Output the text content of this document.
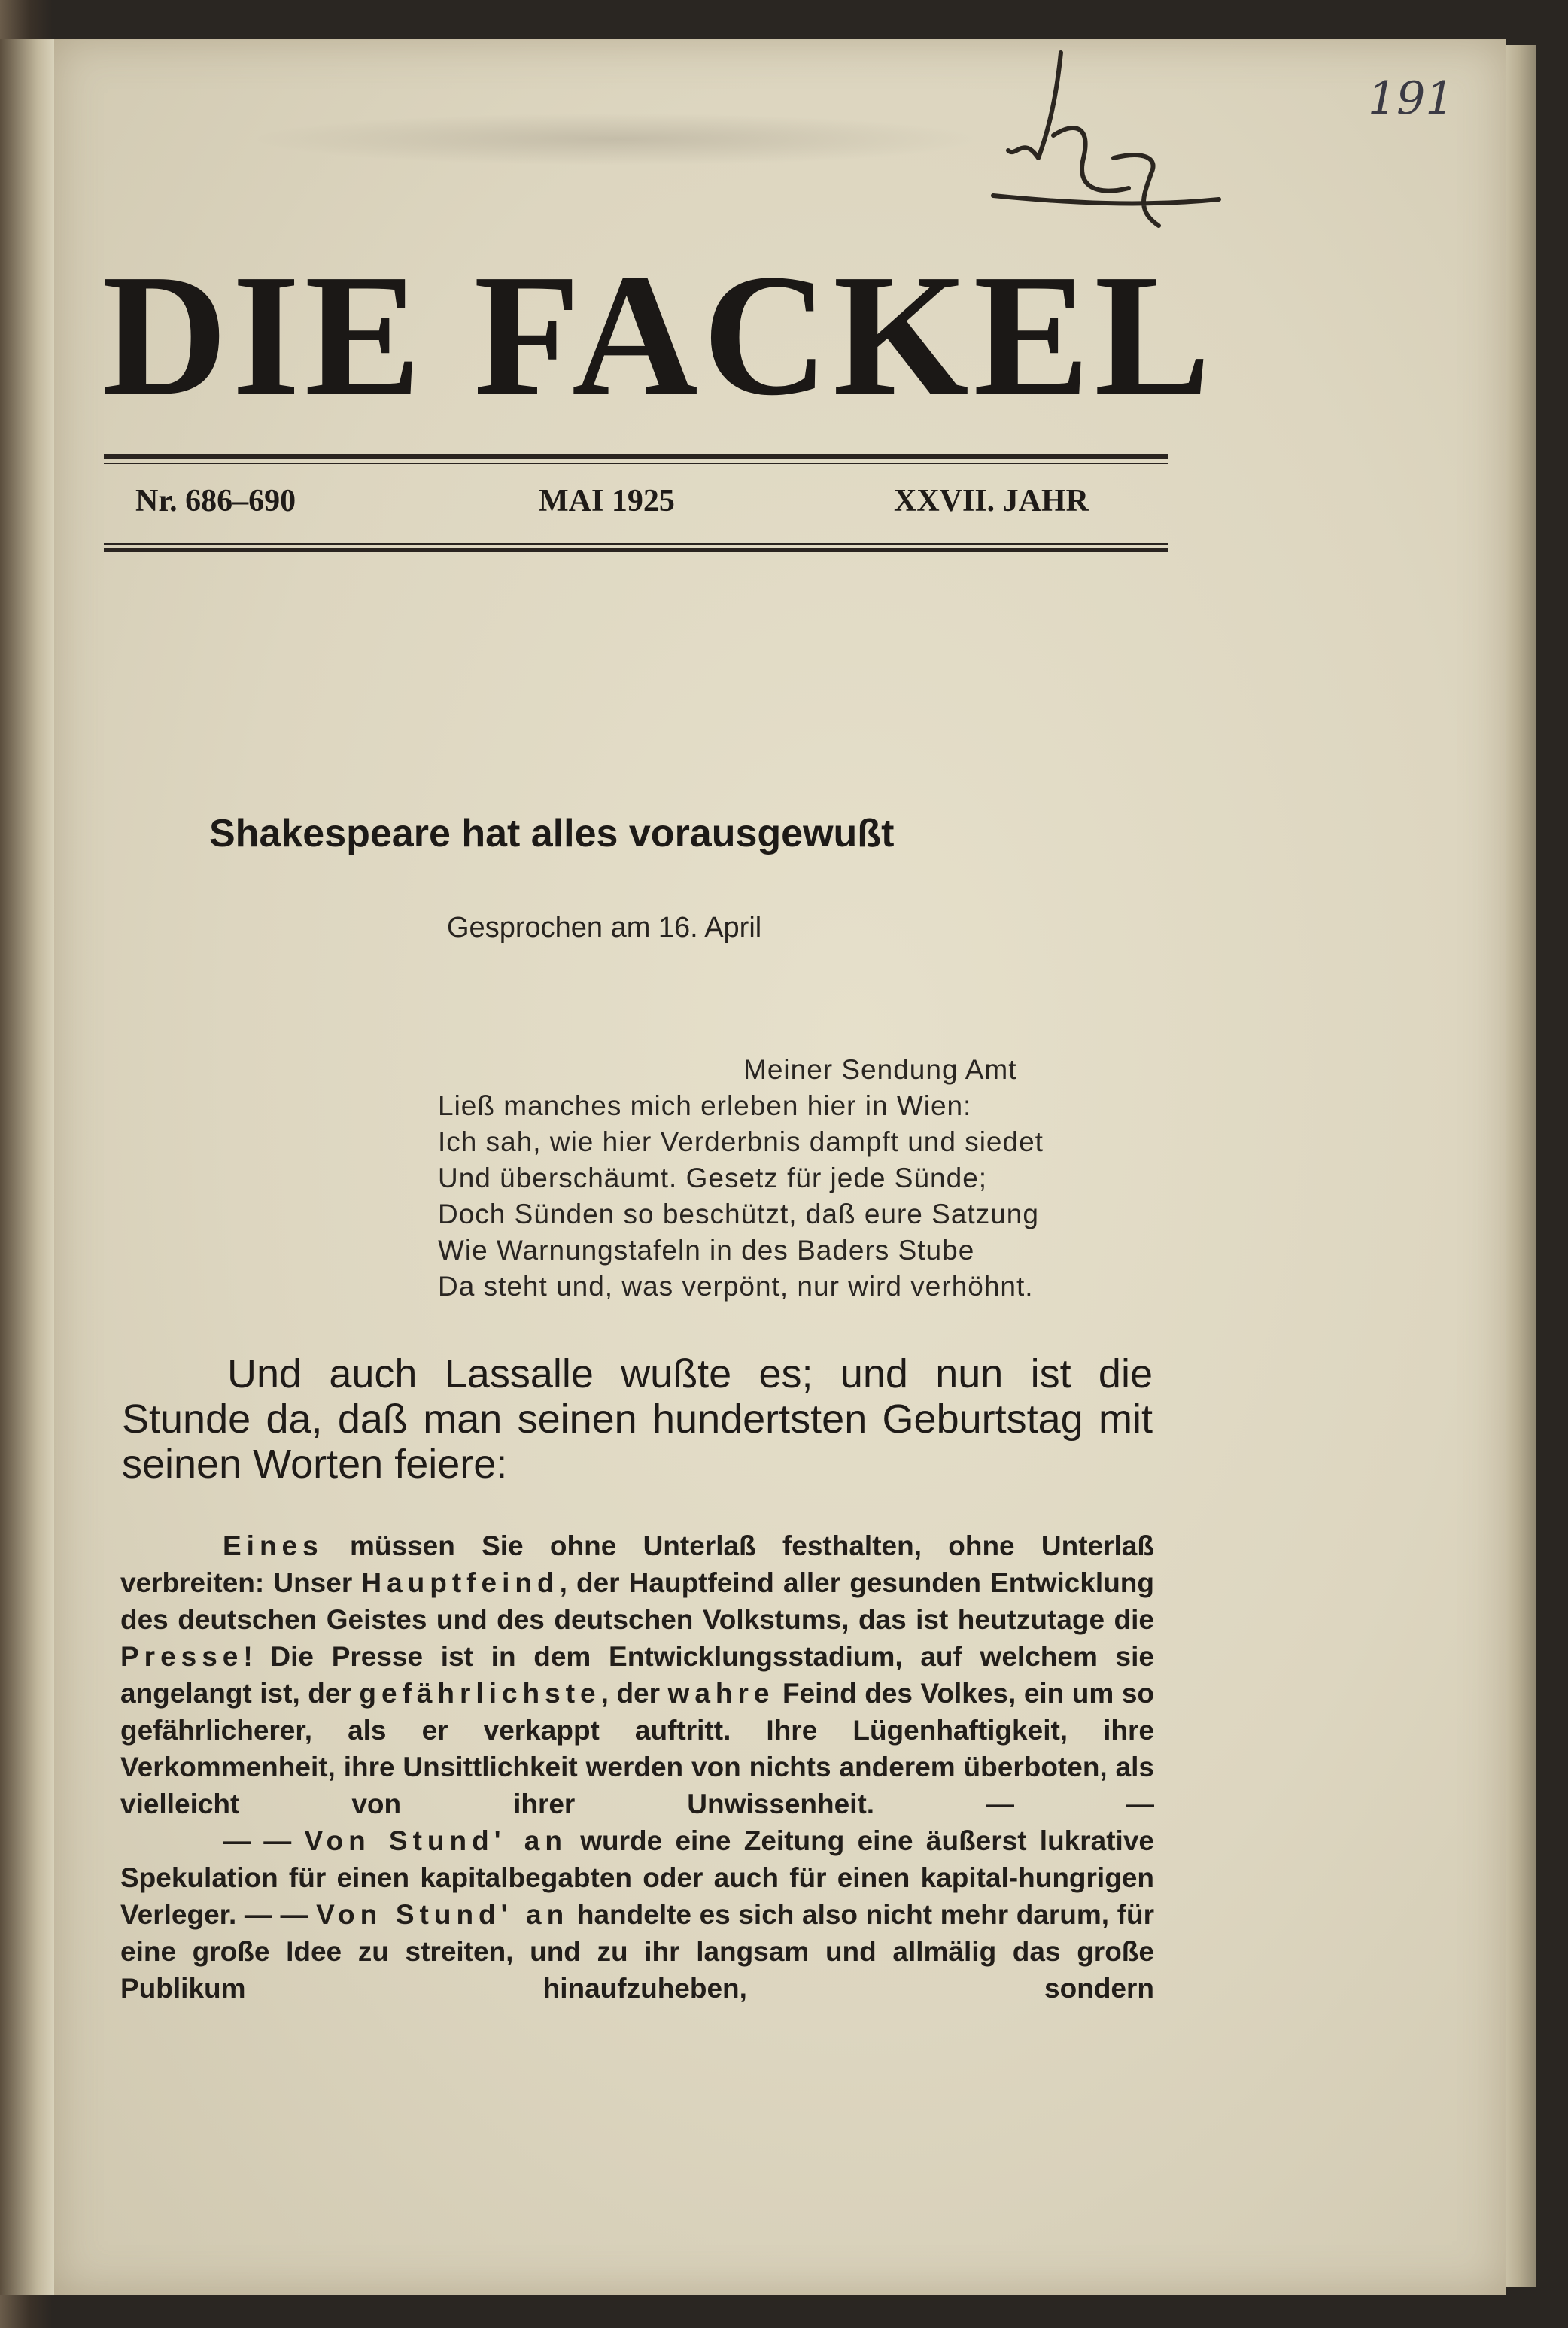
191
DIE FACKEL
Nr. 686–690	MAI 1925	XXVII. JAHR
Shakespeare hat alles vorausgewußt
Gesprochen am 16. April
Meiner Sendung Amt
Ließ manches mich erleben hier in Wien:
Ich sah, wie hier Verderbnis dampft und siedet
Und überschäumt. Gesetz für jede Sünde;
Doch Sünden so beschützt, daß eure Satzung
Wie Warnungstafeln in des Baders Stube
Da steht und, was verpönt, nur wird verhöhnt.

Und auch Lassalle wußte es; und nun ist die Stunde da, daß man seinen hundertsten Geburtstag mit seinen Worten feiere:

Eines müssen Sie ohne Unterlaß festhalten, ohne Unterlaß verbreiten: Unser Hauptfeind, der Hauptfeind aller gesunden Entwicklung des deutschen Geistes und des deutschen Volkstums, das ist heutzutage die Presse! Die Presse ist in dem Entwicklungsstadium, auf welchem sie angelangt ist, der gefährlichste, der wahre Feind des Volkes, ein um so gefährlicherer, als er verkappt auftritt. Ihre Lügenhaftigkeit, ihre Verkommenheit, ihre Unsittlichkeit werden von nichts anderem überboten, als vielleicht von ihrer Unwissenheit. — —

— — Von Stund' an wurde eine Zeitung eine äußerst lukrative Spekulation für einen kapitalbegabten oder auch für einen kapital-hungrigen Verleger. — — Von Stund' an handelte es sich also nicht mehr darum, für eine große Idee zu streiten, und zu ihr langsam und allmälig das große Publikum hinaufzuheben, sondern
